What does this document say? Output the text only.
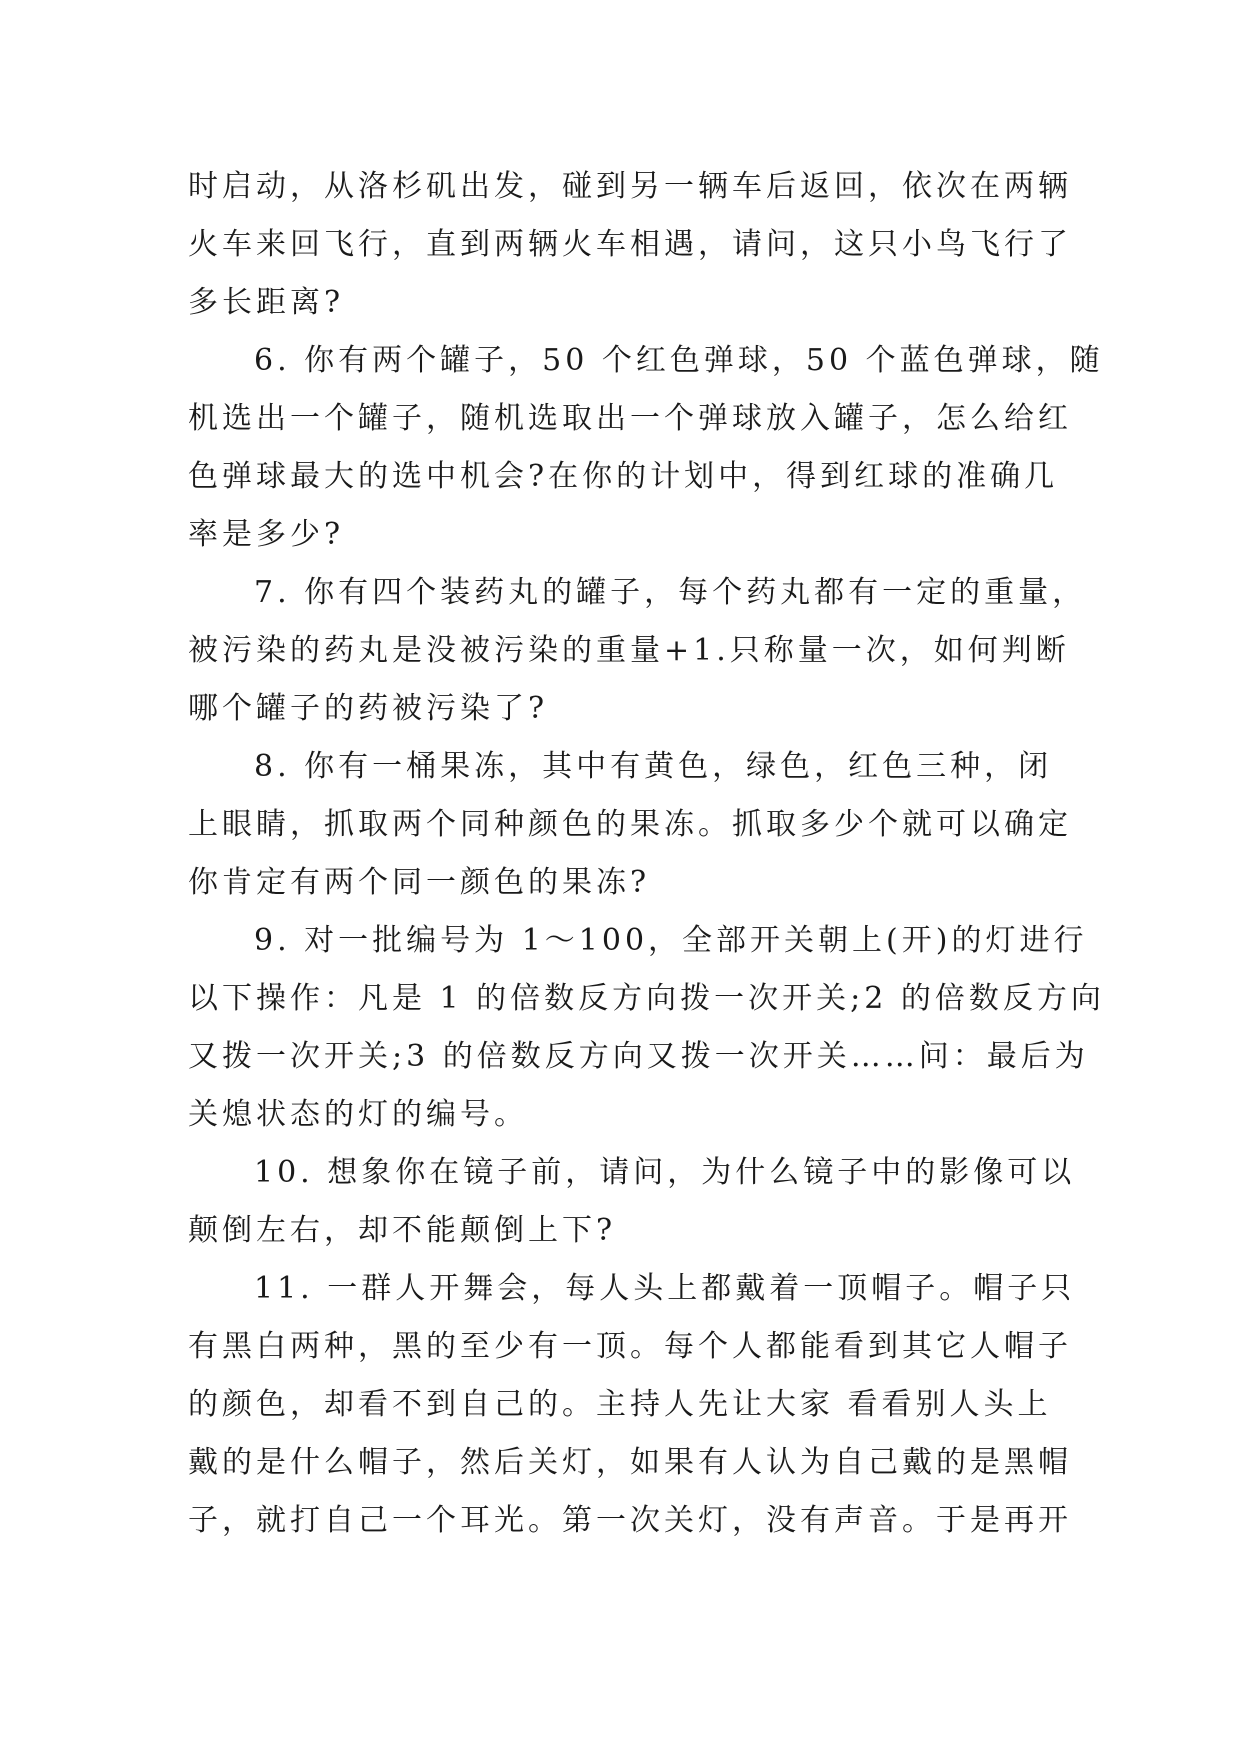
时启动，从洛杉矶出发，碰到另一辆车后返回，依次在两辆
火车来回飞行，直到两辆火车相遇，请问，这只小鸟飞行了
多长距离?
6. 你有两个罐子，50 个红色弹球，50 个蓝色弹球，随
机选出一个罐子，随机选取出一个弹球放入罐子，怎么给红
色弹球最大的选中机会?在你的计划中，得到红球的准确几
率是多少?
7. 你有四个装药丸的罐子，每个药丸都有一定的重量，
被污染的药丸是没被污染的重量+1.只称量一次，如何判断
哪个罐子的药被污染了?
8. 你有一桶果冻，其中有黄色，绿色，红色三种，闭
上眼睛，抓取两个同种颜色的果冻。抓取多少个就可以确定
你肯定有两个同一颜色的果冻?
9. 对一批编号为 1～100，全部开关朝上(开)的灯进行
以下操作：凡是 1 的倍数反方向拨一次开关;2 的倍数反方向
又拨一次开关;3 的倍数反方向又拨一次开关……问：最后为
关熄状态的灯的编号。
10. 想象你在镜子前，请问，为什么镜子中的影像可以
颠倒左右，却不能颠倒上下?
11. 一群人开舞会，每人头上都戴着一顶帽子。帽子只
有黑白两种，黑的至少有一顶。每个人都能看到其它人帽子
的颜色，却看不到自己的。主持人先让大家 看看别人头上
戴的是什么帽子，然后关灯，如果有人认为自己戴的是黑帽
子，就打自己一个耳光。第一次关灯，没有声音。于是再开
